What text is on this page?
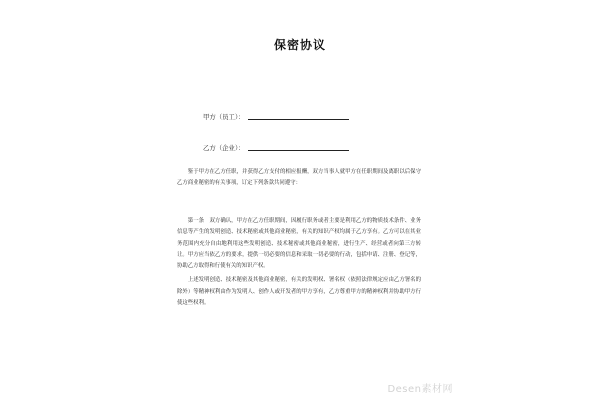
保密协议
甲方（员工）：
乙方（企业）：

鉴于甲方在乙方任职，并获得乙方支付的相应报酬，双方当事人就甲方在任职期间及离职以后保守乙方商业秘密的有关事项，订定下列条款共同遵守：

第一条　双方确认，甲方在乙方任职期间，因履行职务或者主要是利用乙方的物质技术条件、业务信息等产生的发明创造、技术秘密或其他商业秘密，有关的知识产权均属于乙方享有。乙方可以在其业务范围内充分自由地利用这些发明创造、技术秘密或其他商业秘密，进行生产、经营或者向第三方转让。甲方应当依乙方的要求，提供一切必要的信息和采取一切必要的行动，包括申请、注册、登记等，协助乙方取得和行使有关的知识产权。

上述发明创造、技术秘密及其他商业秘密，有关的发明权、署名权（依照法律规定应由乙方署名的除外）等精神权利由作为发明人、创作人或开发者的甲方享有，乙方尊重甲方的精神权利并协助甲方行使这些权利。

Desen素材网
